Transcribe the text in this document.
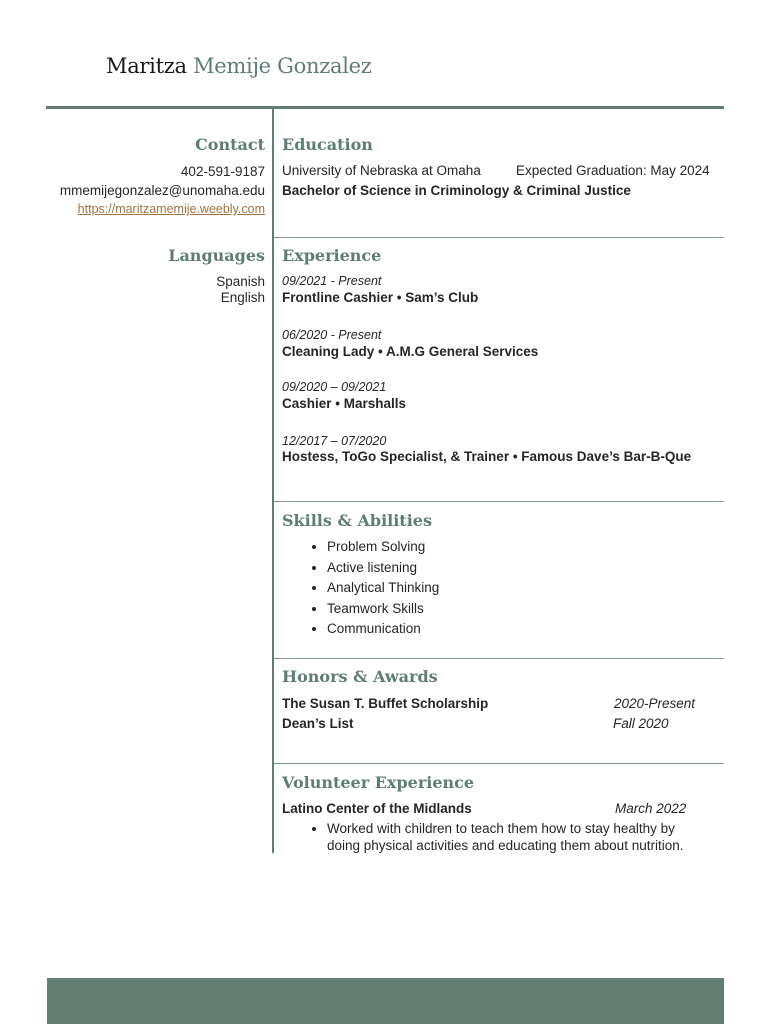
Maritza Memije Gonzalez
Contact
402-591-9187
mmemijegonzalez@unomaha.edu
https://maritzamemije.weebly.com
Languages
Spanish
English
Education
University of Nebraska at Omaha	Expected Graduation: May 2024
Bachelor of Science in Criminology & Criminal Justice
Experience
09/2021 - Present
Frontline Cashier • Sam’s Club
06/2020 - Present
Cleaning Lady • A.M.G General Services
09/2020 – 09/2021
Cashier • Marshalls
12/2017 – 07/2020
Hostess, ToGo Specialist, & Trainer • Famous Dave’s Bar-B-Que
Skills & Abilities
• Problem Solving
• Active listening
• Analytical Thinking
• Teamwork Skills
• Communication
Honors & Awards
The Susan T. Buffet Scholarship	2020-Present
Dean’s List	Fall 2020
Volunteer Experience
Latino Center of the Midlands	March 2022
• Worked with children to teach them how to stay healthy by doing physical activities and educating them about nutrition.
